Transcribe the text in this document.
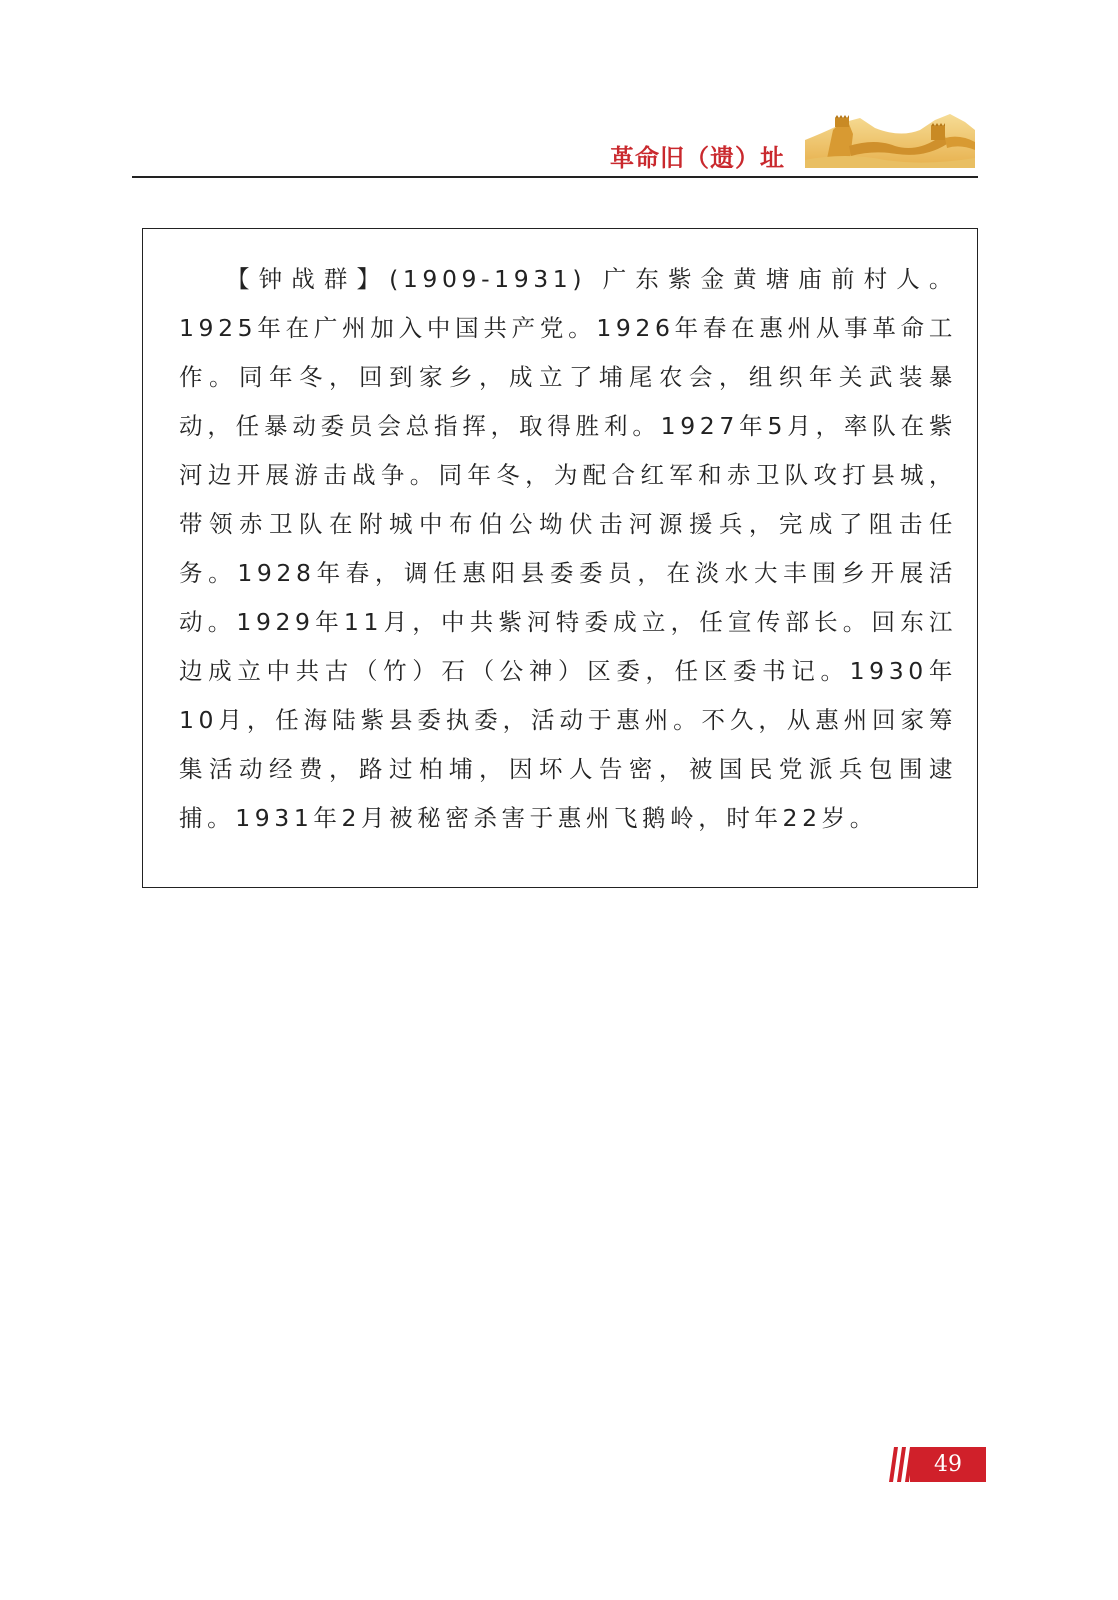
革命旧（遗）址

【钟战群】(1909-1931) 广东紫金黄塘庙前村人。1925年在广州加入中国共产党。1926年春在惠州从事革命工作。同年冬，回到家乡，成立了埔尾农会，组织年关武装暴动，任暴动委员会总指挥，取得胜利。1927年5月，率队在紫河边开展游击战争。同年冬，为配合红军和赤卫队攻打县城，带领赤卫队在附城中布伯公坳伏击河源援兵，完成了阻击任务。1928年春，调任惠阳县委委员，在淡水大丰围乡开展活动。1929年11月，中共紫河特委成立，任宣传部长。回东江边成立中共古（竹）石（公神）区委，任区委书记。1930年10月，任海陆紫县委执委，活动于惠州。不久，从惠州回家筹集活动经费，路过柏埔，因坏人告密，被国民党派兵包围逮捕。1931年2月被秘密杀害于惠州飞鹅岭，时年22岁。

49
